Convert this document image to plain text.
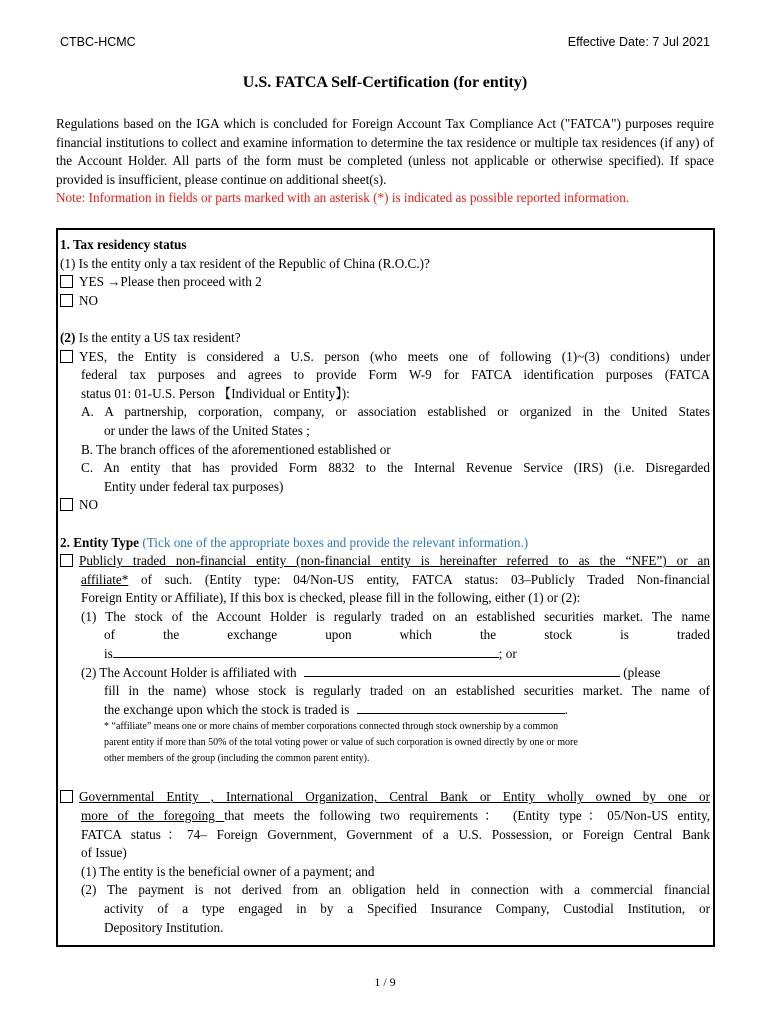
CTBC-HCMC	Effective Date: 7 Jul 2021
U.S. FATCA Self-Certification (for entity)
Regulations based on the IGA which is concluded for Foreign Account Tax Compliance Act ("FATCA") purposes require financial institutions to collect and examine information to determine the tax residence or multiple tax residences (if any) of the Account Holder. All parts of the form must be completed (unless not applicable or otherwise specified). If space provided is insufficient, please continue on additional sheet(s).
Note: Information in fields or parts marked with an asterisk (*) is indicated as possible reported information.
1. Tax residency status
(1) Is the entity only a tax resident of the Republic of China (R.O.C.)?
YES →Please then proceed with 2
NO
(2) Is the entity a US tax resident?
YES, the Entity is considered a U.S. person (who meets one of following (1)~(3) conditions) under
federal tax purposes and agrees to provide Form W-9 for FATCA identification purposes (FATCA
status 01: 01-U.S. Person 【Individual or Entity】):
A. A partnership, corporation, company, or association established or organized in the United States
or under the laws of the United States ;
B. The branch offices of the aforementioned established or
C. An entity that has provided Form 8832 to the Internal Revenue Service (IRS) (i.e. Disregarded
Entity under federal tax purposes)
NO
2. Entity Type (Tick one of the appropriate boxes and provide the relevant information.)
Publicly traded non-financial entity (non-financial entity is hereinafter referred to as the “NFE”) or an
affiliate* of such. (Entity type: 04/Non-US entity, FATCA status: 03–Publicly Traded Non-financial
Foreign Entity or Affiliate), If this box is checked, please fill in the following, either (1) or (2):
(1) The stock of the Account Holder is regularly traded on an established securities market. The name
of the exchange upon which the stock is traded
is	; or
(2) The Account Holder is affiliated with	(please
fill in the name) whose stock is regularly traded on an established securities market. The name of
the exchange upon which the stock is traded is	.
* “affiliate” means one or more chains of member corporations connected through stock ownership by a common
parent entity if more than 50% of the total voting power or value of such corporation is owned directly by one or more
other members of the group (including the common parent entity).
Governmental Entity , International Organization, Central Bank or Entity wholly owned by one or
more of the foregoing that meets the following two requirements： (Entity type：05/Non-US entity,
FATCA status：74– Foreign Government, Government of a U.S. Possession, or Foreign Central Bank
of Issue)
(1) The entity is the beneficial owner of a payment; and
(2) The payment is not derived from an obligation held in connection with a commercial financial
activity of a type engaged in by a Specified Insurance Company, Custodial Institution, or
Depository Institution.
1 / 9
